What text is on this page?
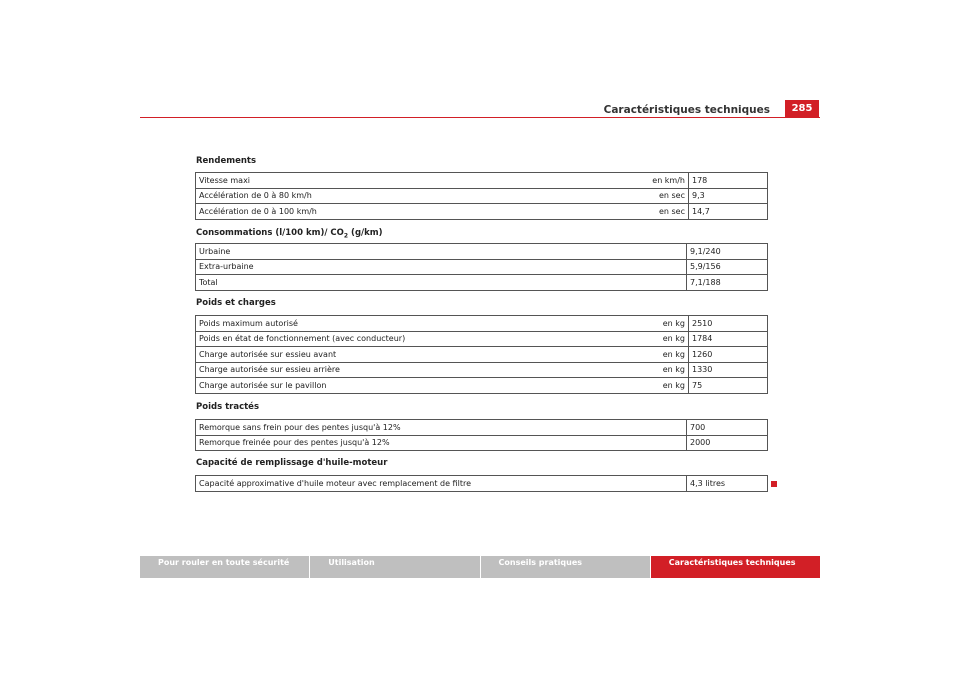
Caractéristiques techniques	285
Rendements
Vitesse maxi	en km/h	178
Accélération de 0 à 80 km/h	en sec	9,3
Accélération de 0 à 100 km/h	en sec	14,7
Consommations (l/100 km)/ $CO_2$ (g/km)
Urbaine	9,1/240
Extra-urbaine	5,9/156
Total	7,1/188
Poids et charges
Poids maximum autorisé	en kg	2510
Poids en état de fonctionnement (avec conducteur)	en kg	1784
Charge autorisée sur essieu avant	en kg	1260
Charge autorisée sur essieu arrière	en kg	1330
Charge autorisée sur le pavillon	en kg	75
Poids tractés
Remorque sans frein pour des pentes jusqu'à 12%	700
Remorque freinée pour des pentes jusqu'à 12%	2000
Capacité de remplissage d'huile-moteur
Capacité approximative d'huile moteur avec remplacement de filtre	4,3 litres
Pour rouler en toute sécurité	Utilisation	Conseils pratiques	Caractéristiques techniques
